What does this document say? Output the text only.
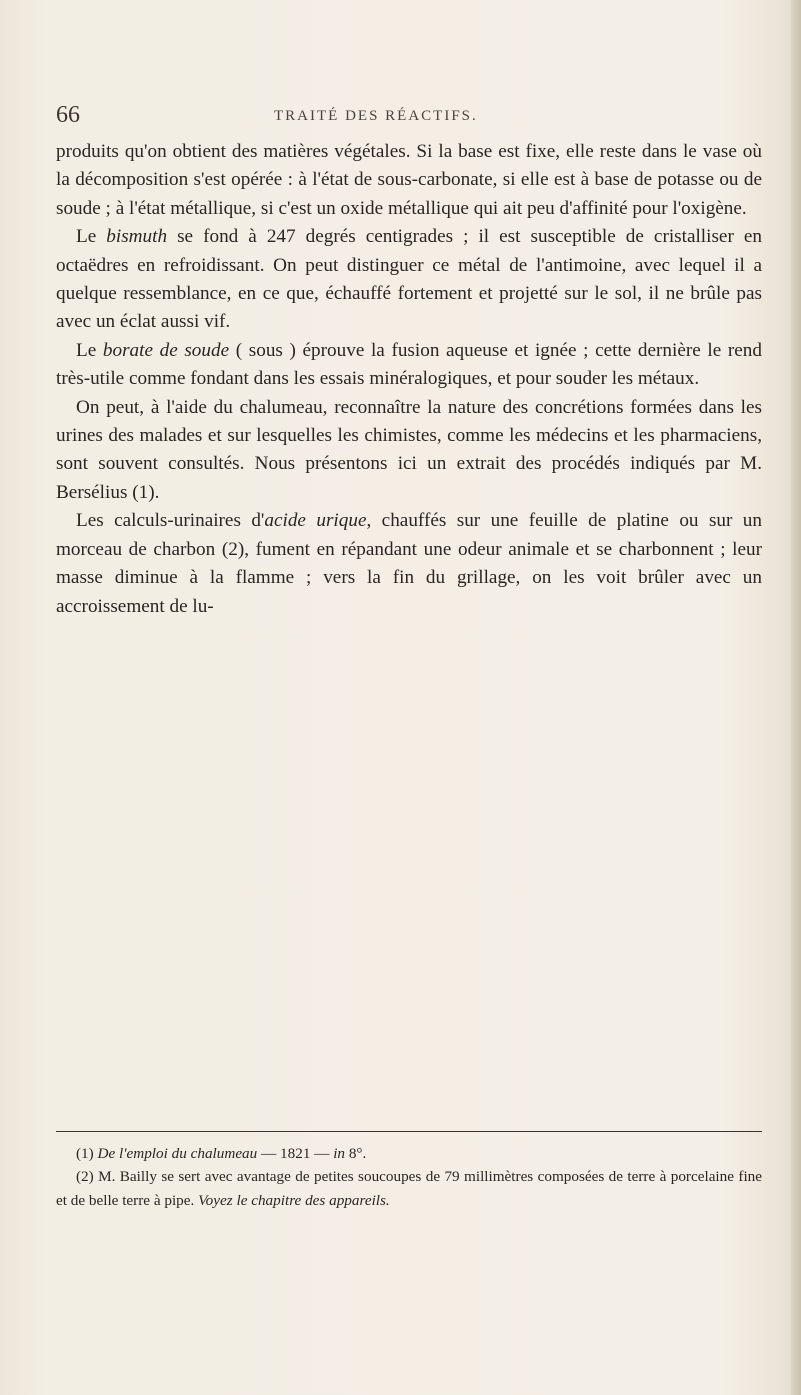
66	TRAITÉ DES RÉACTIFS.

produits qu'on obtient des matières végétales. Si la base est fixe, elle reste dans le vase où la décomposition s'est opérée : à l'état de sous-carbonate, si elle est à base de potasse ou de soude ; à l'état métallique, si c'est un oxide métallique qui ait peu d'affinité pour l'oxigène.

Le bismuth se fond à 247 degrés centigrades ; il est susceptible de cristalliser en octaëdres en refroidissant. On peut distinguer ce métal de l'antimoine, avec lequel il a quelque ressemblance, en ce que, échauffé fortement et projetté sur le sol, il ne brûle pas avec un éclat aussi vif.

Le borate de soude ( sous ) éprouve la fusion aqueuse et ignée ; cette dernière le rend très-utile comme fondant dans les essais minéralogiques, et pour souder les métaux.

On peut, à l'aide du chalumeau, reconnaître la nature des concrétions formées dans les urines des malades et sur lesquelles les chimistes, comme les médecins et les pharmaciens, sont souvent consultés. Nous présentons ici un extrait des procédés indiqués par M. Bersélius (1).

Les calculs-urinaires d'acide urique, chauffés sur une feuille de platine ou sur un morceau de charbon (2), fument en répandant une odeur animale et se charbonnent ; leur masse diminue à la flamme ; vers la fin du grillage, on les voit brûler avec un accroissement de lu-

(1) De l'emploi du chalumeau — 1821 — in 8°.

(2) M. Bailly se sert avec avantage de petites soucoupes de 79 millimètres composées de terre à porcelaine fine et de belle terre à pipe. Voyez le chapitre des appareils.
